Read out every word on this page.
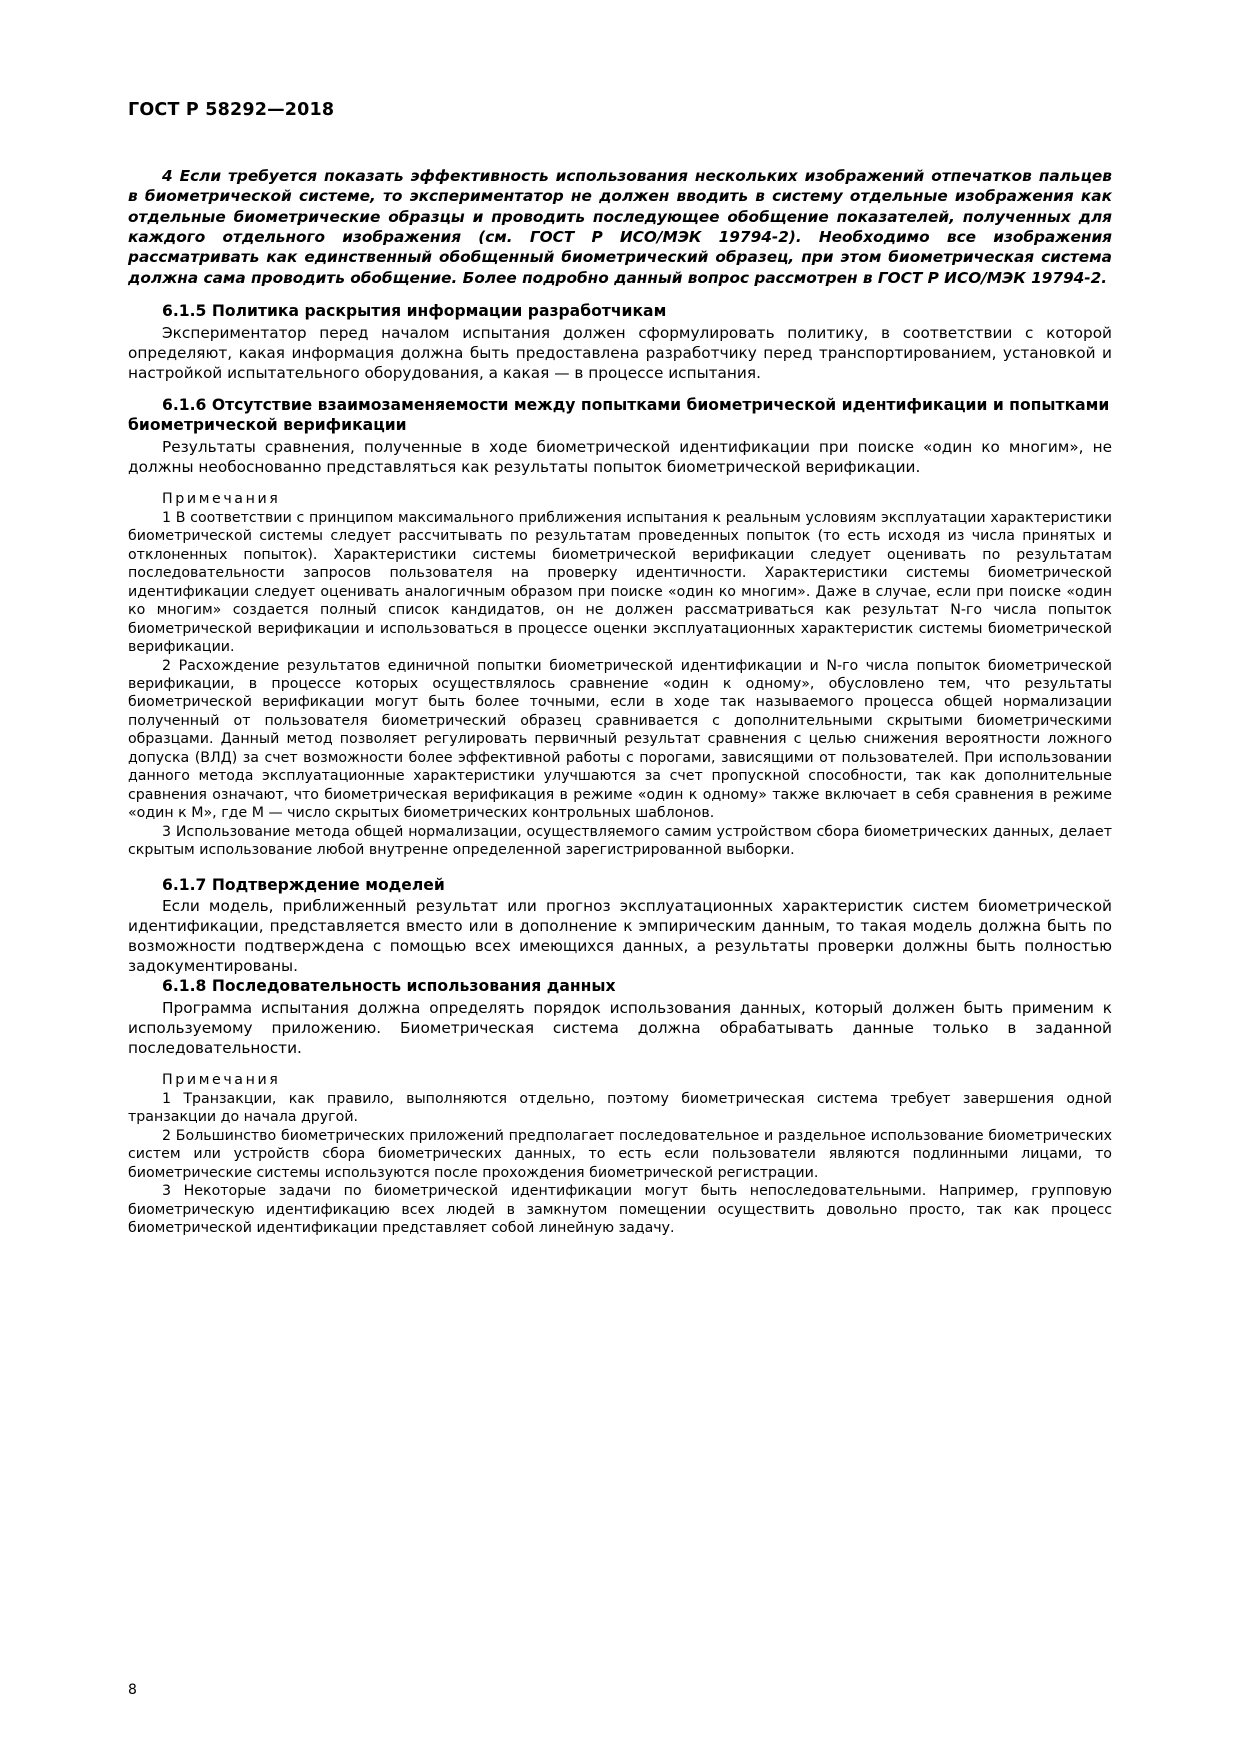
ГОСТ Р 58292—2018

4 Если требуется показать эффективность использования нескольких изображений отпечатков пальцев в биометрической системе, то экспериментатор не должен вводить в систему отдельные изображения как отдельные биометрические образцы и проводить последующее обобщение показателей, полученных для каждого отдельного изображения (см. ГОСТ Р ИСО/МЭК 19794-2). Необходимо все изображения рассматривать как единственный обобщенный биометрический образец, при этом биометрическая система должна сама проводить обобщение. Более подробно данный вопрос рассмотрен в ГОСТ Р ИСО/МЭК 19794-2.

6.1.5 Политика раскрытия информации разработчикам

Экспериментатор перед началом испытания должен сформулировать политику, в соответствии с которой определяют, какая информация должна быть предоставлена разработчику перед транспортированием, установкой и настройкой испытательного оборудования, а какая — в процессе испытания.

6.1.6 Отсутствие взаимозаменяемости между попытками биометрической идентификации и попытками биометрической верификации

Результаты сравнения, полученные в ходе биометрической идентификации при поиске «один ко многим», не должны необоснованно представляться как результаты попыток биометрической верификации.

Примечания

1 В соответствии с принципом максимального приближения испытания к реальным условиям эксплуатации характеристики биометрической системы следует рассчитывать по результатам проведенных попыток (то есть исходя из числа принятых и отклоненных попыток). Характеристики системы биометрической верификации следует оценивать по результатам последовательности запросов пользователя на проверку идентичности. Характеристики системы биометрической идентификации следует оценивать аналогичным образом при поиске «один ко многим». Даже в случае, если при поиске «один ко многим» создается полный список кандидатов, он не должен рассматриваться как результат N-го числа попыток биометрической верификации и использоваться в процессе оценки эксплуатационных характеристик системы биометрической верификации.

2 Расхождение результатов единичной попытки биометрической идентификации и N-го числа попыток биометрической верификации, в процессе которых осуществлялось сравнение «один к одному», обусловлено тем, что результаты биометрической верификации могут быть более точными, если в ходе так называемого процесса общей нормализации полученный от пользователя биометрический образец сравнивается с дополнительными скрытыми биометрическими образцами. Данный метод позволяет регулировать первичный результат сравнения с целью снижения вероятности ложного допуска (ВЛД) за счет возможности более эффективной работы с порогами, зависящими от пользователей. При использовании данного метода эксплуатационные характеристики улучшаются за счет пропускной способности, так как дополнительные сравнения означают, что биометрическая верификация в режиме «один к одному» также включает в себя сравнения в режиме «один к M», где M — число скрытых биометрических контрольных шаблонов.

3 Использование метода общей нормализации, осуществляемого самим устройством сбора биометрических данных, делает скрытым использование любой внутренне определенной зарегистрированной выборки.

6.1.7 Подтверждение моделей

Если модель, приближенный результат или прогноз эксплуатационных характеристик систем биометрической идентификации, представляется вместо или в дополнение к эмпирическим данным, то такая модель должна быть по возможности подтверждена с помощью всех имеющихся данных, а результаты проверки должны быть полностью задокументированы.

6.1.8 Последовательность использования данных

Программа испытания должна определять порядок использования данных, который должен быть применим к используемому приложению. Биометрическая система должна обрабатывать данные только в заданной последовательности.

Примечания

1 Транзакции, как правило, выполняются отдельно, поэтому биометрическая система требует завершения одной транзакции до начала другой.

2 Большинство биометрических приложений предполагает последовательное и раздельное использование биометрических систем или устройств сбора биометрических данных, то есть если пользователи являются подлинными лицами, то биометрические системы используются после прохождения биометрической регистрации.

3 Некоторые задачи по биометрической идентификации могут быть непоследовательными. Например, групповую биометрическую идентификацию всех людей в замкнутом помещении осуществить довольно просто, так как процесс биометрической идентификации представляет собой линейную задачу.

8
